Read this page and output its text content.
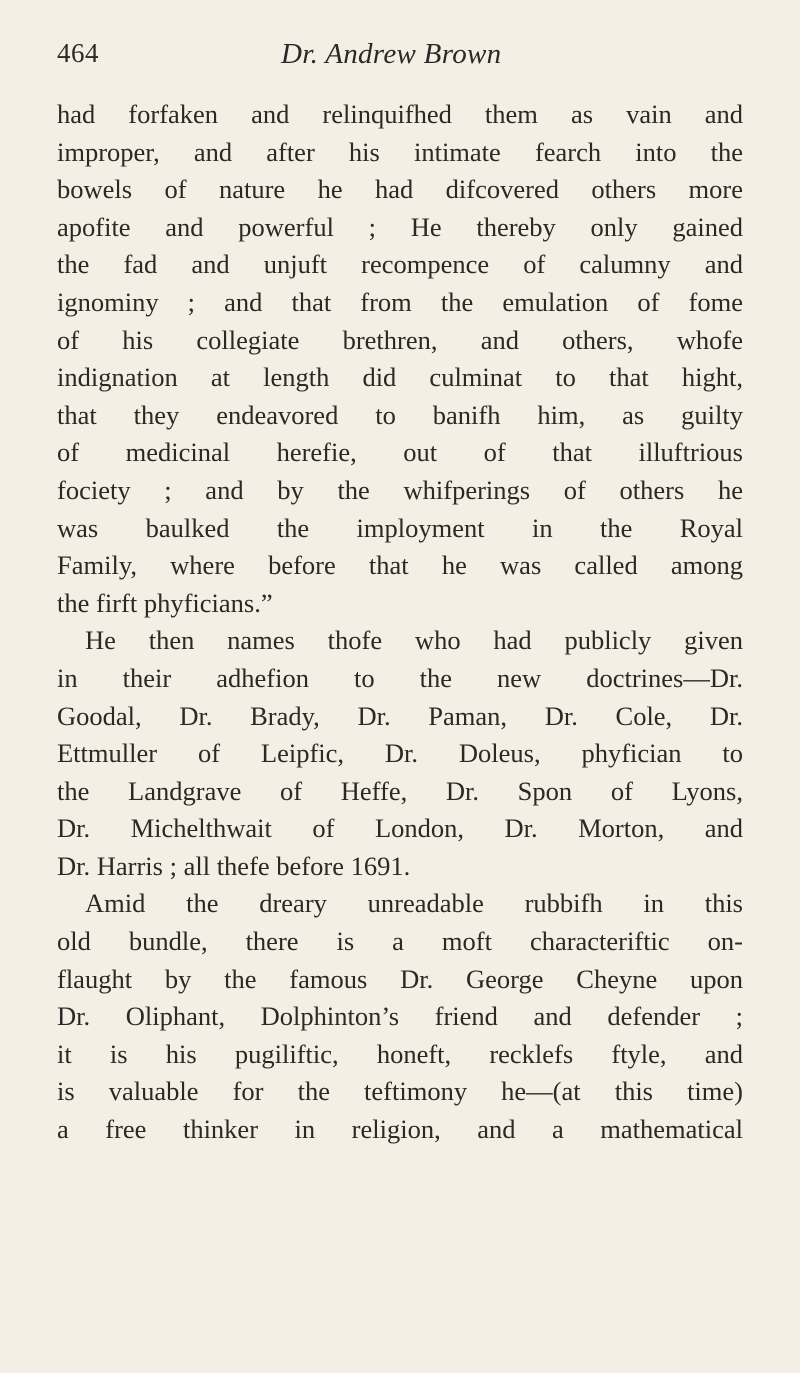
464	Dr. Andrew Brown
had forfaken and relinquifhed them as vain and
improper, and after his intimate fearch into the
bowels of nature he had difcovered others more
apofite and powerful ; He thereby only gained
the fad and unjuft recompence of calumny and
ignominy ; and that from the emulation of fome
of his collegiate brethren, and others, whofe
indignation at length did culminat to that hight,
that they endeavored to banifh him, as guilty
of medicinal herefie, out of that illuftrious
fociety ; and by the whifperings of others he
was baulked the imployment in the Royal
Family, where before that he was called among
the firft phyficians.”
He then names thofe who had publicly given
in their adhefion to the new doctrines—Dr.
Goodal, Dr. Brady, Dr. Paman, Dr. Cole, Dr.
Ettmuller of Leipfic, Dr. Doleus, phyfician to
the Landgrave of Heffe, Dr. Spon of Lyons,
Dr. Michelthwait of London, Dr. Morton, and
Dr. Harris ; all thefe before 1691.
Amid the dreary unreadable rubbifh in this
old bundle, there is a moft characteriftic on-
flaught by the famous Dr. George Cheyne upon
Dr. Oliphant, Dolphinton’s friend and defender ;
it is his pugiliftic, honeft, recklefs ftyle, and
is valuable for the teftimony he—(at this time)
a free thinker in religion, and a mathematical
